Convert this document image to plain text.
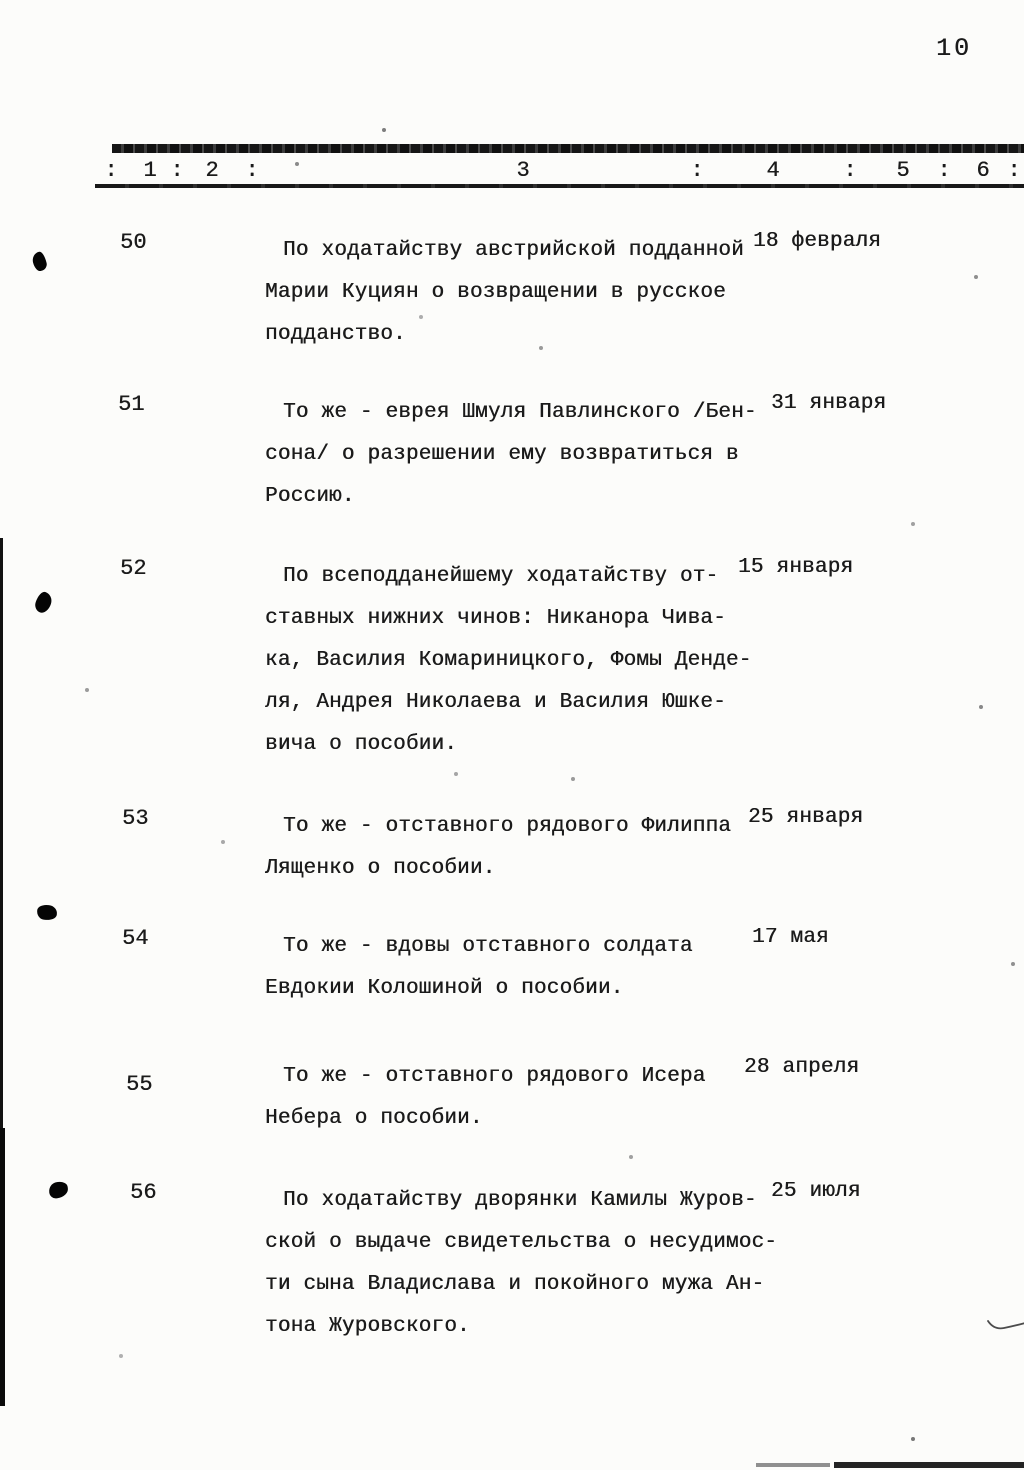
10
: 1 : 2 :	3	:	4	: 5 : 6 :
50	По ходатайству австрийской подданной
Марии Куциян о возвращении в русское
подданство.
18 февраля
51	То же - еврея Шмуля Павлинского /Бен-
сона/ о разрешении ему возвратиться в
Россию.
31 января
52	По всеподданейшему ходатайству от-
ставных нижних чинов: Никанора Чива-
ка, Василия Комариницкого, Фомы Денде-
ля, Андрея Николаева и Василия Юшке-
вича о пособии.
15 января
53	То же - отставного рядового Филиппа
Лященко о пособии.
25 января
54	То же - вдовы отставного солдата
Евдокии Колошиной о пособии.
17 мая
55	То же - отставного рядового Исера
Небера о пособии.
28 апреля
56	По ходатайству дворянки Камилы Журов-
ской о выдаче свидетельства о несудимос-
ти сына Владислава и покойного мужа Ан-
тона Журовского.
25 июля
